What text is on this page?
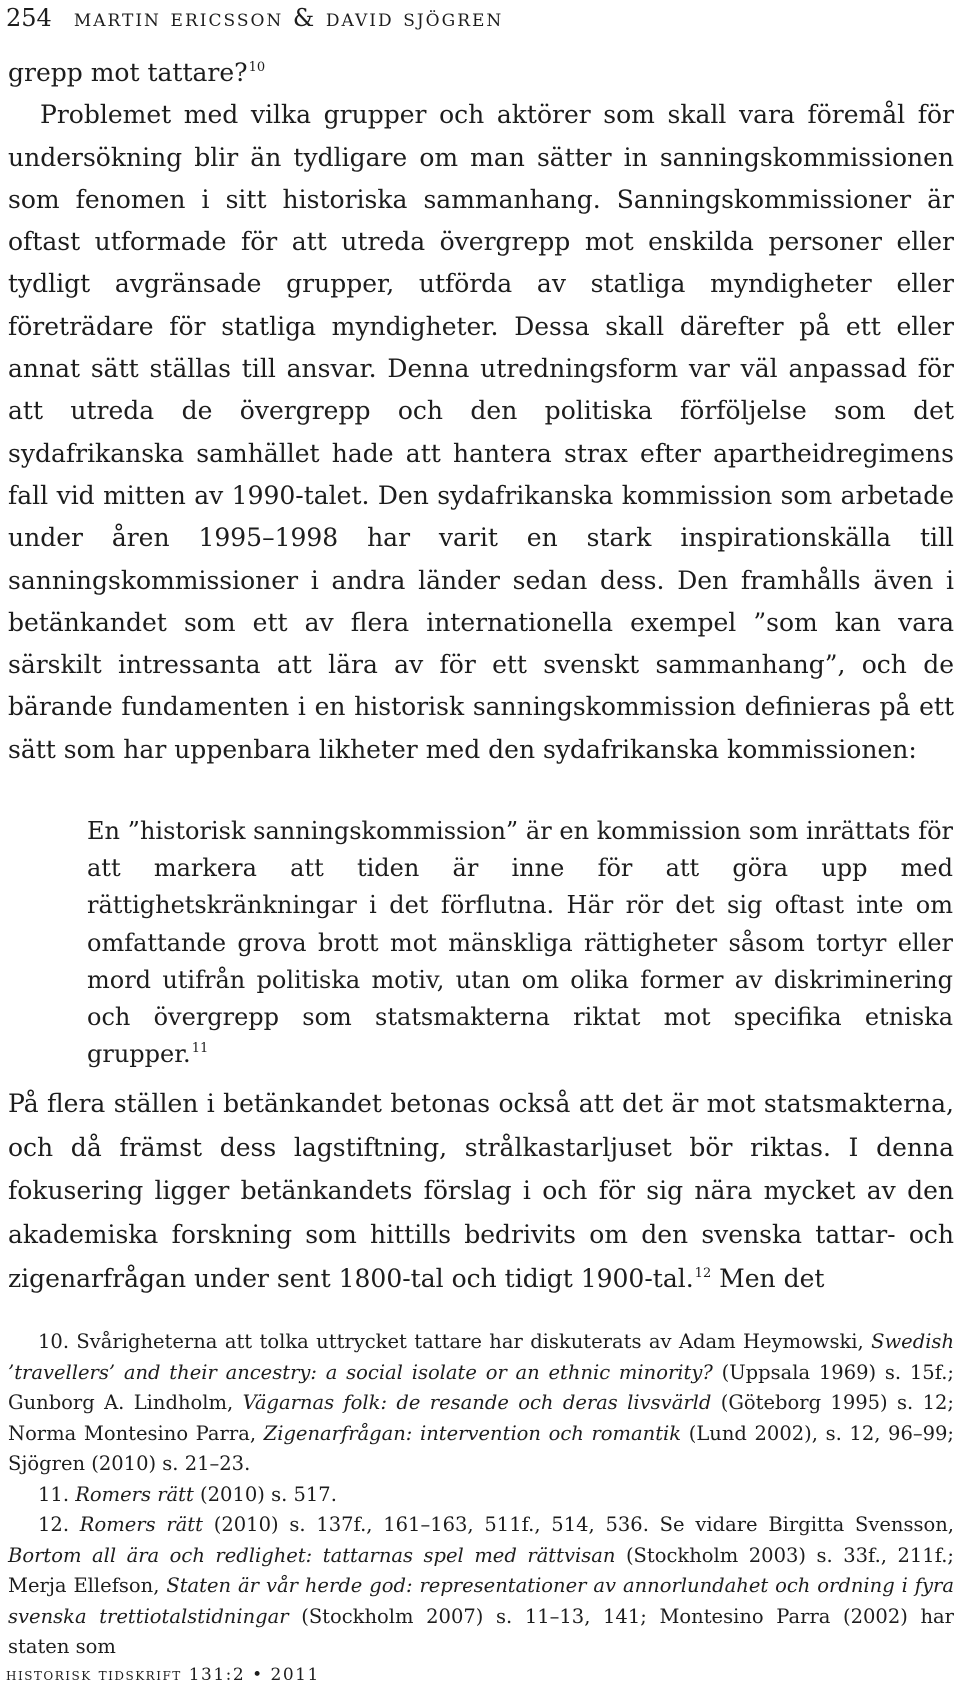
254 martin ericsson & david sjögren

grepp mot tattare?$^{10}$

Problemet med vilka grupper och aktörer som skall vara föremål för undersökning blir än tydligare om man sätter in sanningskommissionen som fenomen i sitt historiska sammanhang. Sanningskommissioner är oftast utformade för att utreda övergrepp mot enskilda personer eller tydligt avgränsade grupper, utförda av statliga myndigheter eller företrädare för statliga myndigheter. Dessa skall därefter på ett eller annat sätt ställas till ansvar. Denna utredningsform var väl anpassad för att utreda de övergrepp och den politiska förföljelse som det sydafrikanska samhället hade att hantera strax efter apartheidregimens fall vid mitten av 1990-talet. Den sydafrikanska kommission som arbetade under åren 1995–1998 har varit en stark inspirationskälla till sanningskommissioner i andra länder sedan dess. Den framhålls även i betänkandet som ett av flera internationella exempel ”som kan vara särskilt intressanta att lära av för ett svenskt sammanhang”, och de bärande fundamenten i en historisk sanningskommission definieras på ett sätt som har uppenbara likheter med den sydafrikanska kommissionen:

En ”historisk sanningskommission” är en kommission som inrättats för att markera att tiden är inne för att göra upp med rättighetskränkningar i det förflutna. Här rör det sig oftast inte om omfattande grova brott mot mänskliga rättigheter såsom tortyr eller mord utifrån politiska motiv, utan om olika former av diskriminering och övergrepp som statsmakterna riktat mot specifika etniska grupper.$^{11}$
På flera ställen i betänkandet betonas också att det är mot statsmakterna, och då främst dess lagstiftning, strålkastarljuset bör riktas. I denna fokusering ligger betänkandets förslag i och för sig nära mycket av den akademiska forskning som hittills bedrivits om den svenska tattar- och zigenarfrågan under sent 1800-tal och tidigt 1900-tal.$^{12}$ Men det

10. Svårigheterna att tolka uttrycket tattare har diskuterats av Adam Heymowski, Swedish ’travellers’ and their ancestry: a social isolate or an ethnic minority? (Uppsala 1969) s. 15f.; Gunborg A. Lindholm, Vägarnas folk: de resande och deras livsvärld (Göteborg 1995) s. 12; Norma Montesino Parra, Zigenarfrågan: intervention och romantik (Lund 2002), s. 12, 96–99; Sjögren (2010) s. 21–23.

11. Romers rätt (2010) s. 517.

12. Romers rätt (2010) s. 137f., 161–163, 511f., 514, 536. Se vidare Birgitta Svensson, Bortom all ära och redlighet: tattarnas spel med rättvisan (Stockholm 2003) s. 33f., 211f.; Merja Ellefson, Staten är vår herde god: representationer av annorlundahet och ordning i fyra svenska trettiotalstidningar (Stockholm 2007) s. 11–13, 141; Montesino Parra (2002) har staten som

historisk tidskrift 131:2 • 2011
